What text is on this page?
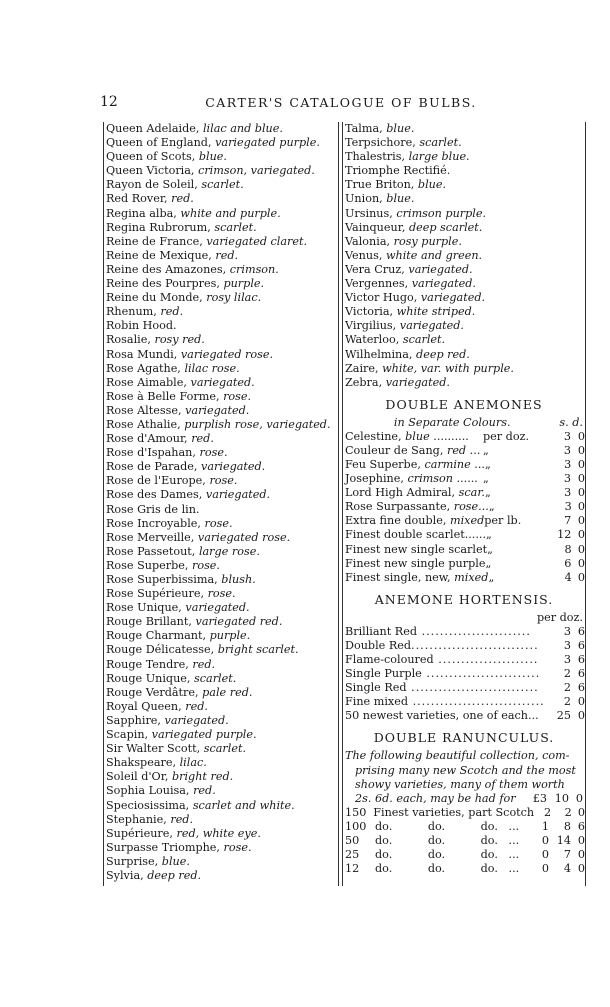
12	CARTER'S CATALOGUE OF BULBS.
Queen Adelaide, lilac and blue.
Queen of England, variegated purple.
Queen of Scots, blue.
Queen Victoria, crimson, variegated.
Rayon de Soleil, scarlet.
Red Rover, red.
Regina alba, white and purple.
Regina Rubrorum, scarlet.
Reine de France, variegated claret.
Reine de Mexique, red.
Reine des Amazones, crimson.
Reine des Pourpres, purple.
Reine du Monde, rosy lilac.
Rhenum, red.
Robin Hood.
Rosalie, rosy red.
Rosa Mundi, variegated rose.
Rose Agathe, lilac rose.
Rose Aimable, variegated.
Rose à Belle Forme, rose.
Rose Altesse, variegated.
Rose Athalie, purplish rose, variegated.
Rose d'Amour, red.
Rose d'Ispahan, rose.
Rose de Parade, variegated.
Rose de l'Europe, rose.
Rose des Dames, variegated.
Rose Gris de lin.
Rose Incroyable, rose.
Rose Merveille, variegated rose.
Rose Passetout, large rose.
Rose Superbe, rose.
Rose Superbissima, blush.
Rose Supérieure, rose.
Rose Unique, variegated.
Rouge Brillant, variegated red.
Rouge Charmant, purple.
Rouge Délicatesse, bright scarlet.
Rouge Tendre, red.
Rouge Unique, scarlet.
Rouge Verdâtre, pale red.
Royal Queen, red.
Sapphire, variegated.
Scapin, variegated purple.
Sir Walter Scott, scarlet.
Shakspeare, lilac.
Soleil d'Or, bright red.
Sophia Louisa, red.
Speciosissima, scarlet and white.
Stephanie, red.
Supérieure, red, white eye.
Surpasse Triomphe, rose.
Surprise, blue.
Sylvia, deep red.
Talma, blue.
Terpsichore, scarlet.
Thalestris, large blue.
Triomphe Rectifié.
True Briton, blue.
Union, blue.
Ursinus, crimson purple.
Vainqueur, deep scarlet.
Valonia, rosy purple.
Venus, white and green.
Vera Cruz, variegated.
Vergennes, variegated.
Victor Hugo, variegated.
Victoria, white striped.
Virgilius, variegated.
Waterloo, scarlet.
Wilhelmina, deep red.
Zaire, white, var. with purple.
Zebra, variegated.
DOUBLE ANEMONES
in Separate Colours.	s. d.
Celestine, blue ..........	per doz.	3 0
Couleur de Sang, red ... „	3 0
Feu Superbe, carmine ... „	3 0
Josephine, crimson ...... „	3 0
Lord High Admiral, scar. „	3 0
Rose Surpassante, rose... „	3 0
Extra fine double, mixed per lb.	7 0
Finest double scarlet...... „	12 0
Finest new single scarlet „	8 0
Finest new single purple „	6 0
Finest single, new, mixed „	4 0
ANEMONE HORTENSIS.
per doz.
Brilliant Red ........................	3 6
Double Red............................	3 6
Flame-coloured ......................	3 6
Single Purple .........................	2 6
Single Red ............................	2 6
Fine mixed .............................	2 0
50 newest varieties, one of each...	25 0
DOUBLE RANUNCULUS.
The following beautiful collection, com-
prising many new Scotch and the most
showy varieties, many of them worth
2s. 6d. each, may be had for	£3 10 0
150 Finest varieties, part Scotch 2	2 0
100 do.          do.          do.   ...	1	8 6
50	do.          do.          do.   ...	0 14 0
25	do.          do.          do.   ...	0	7 0
12	do.          do.          do.   ...	0	4 0
